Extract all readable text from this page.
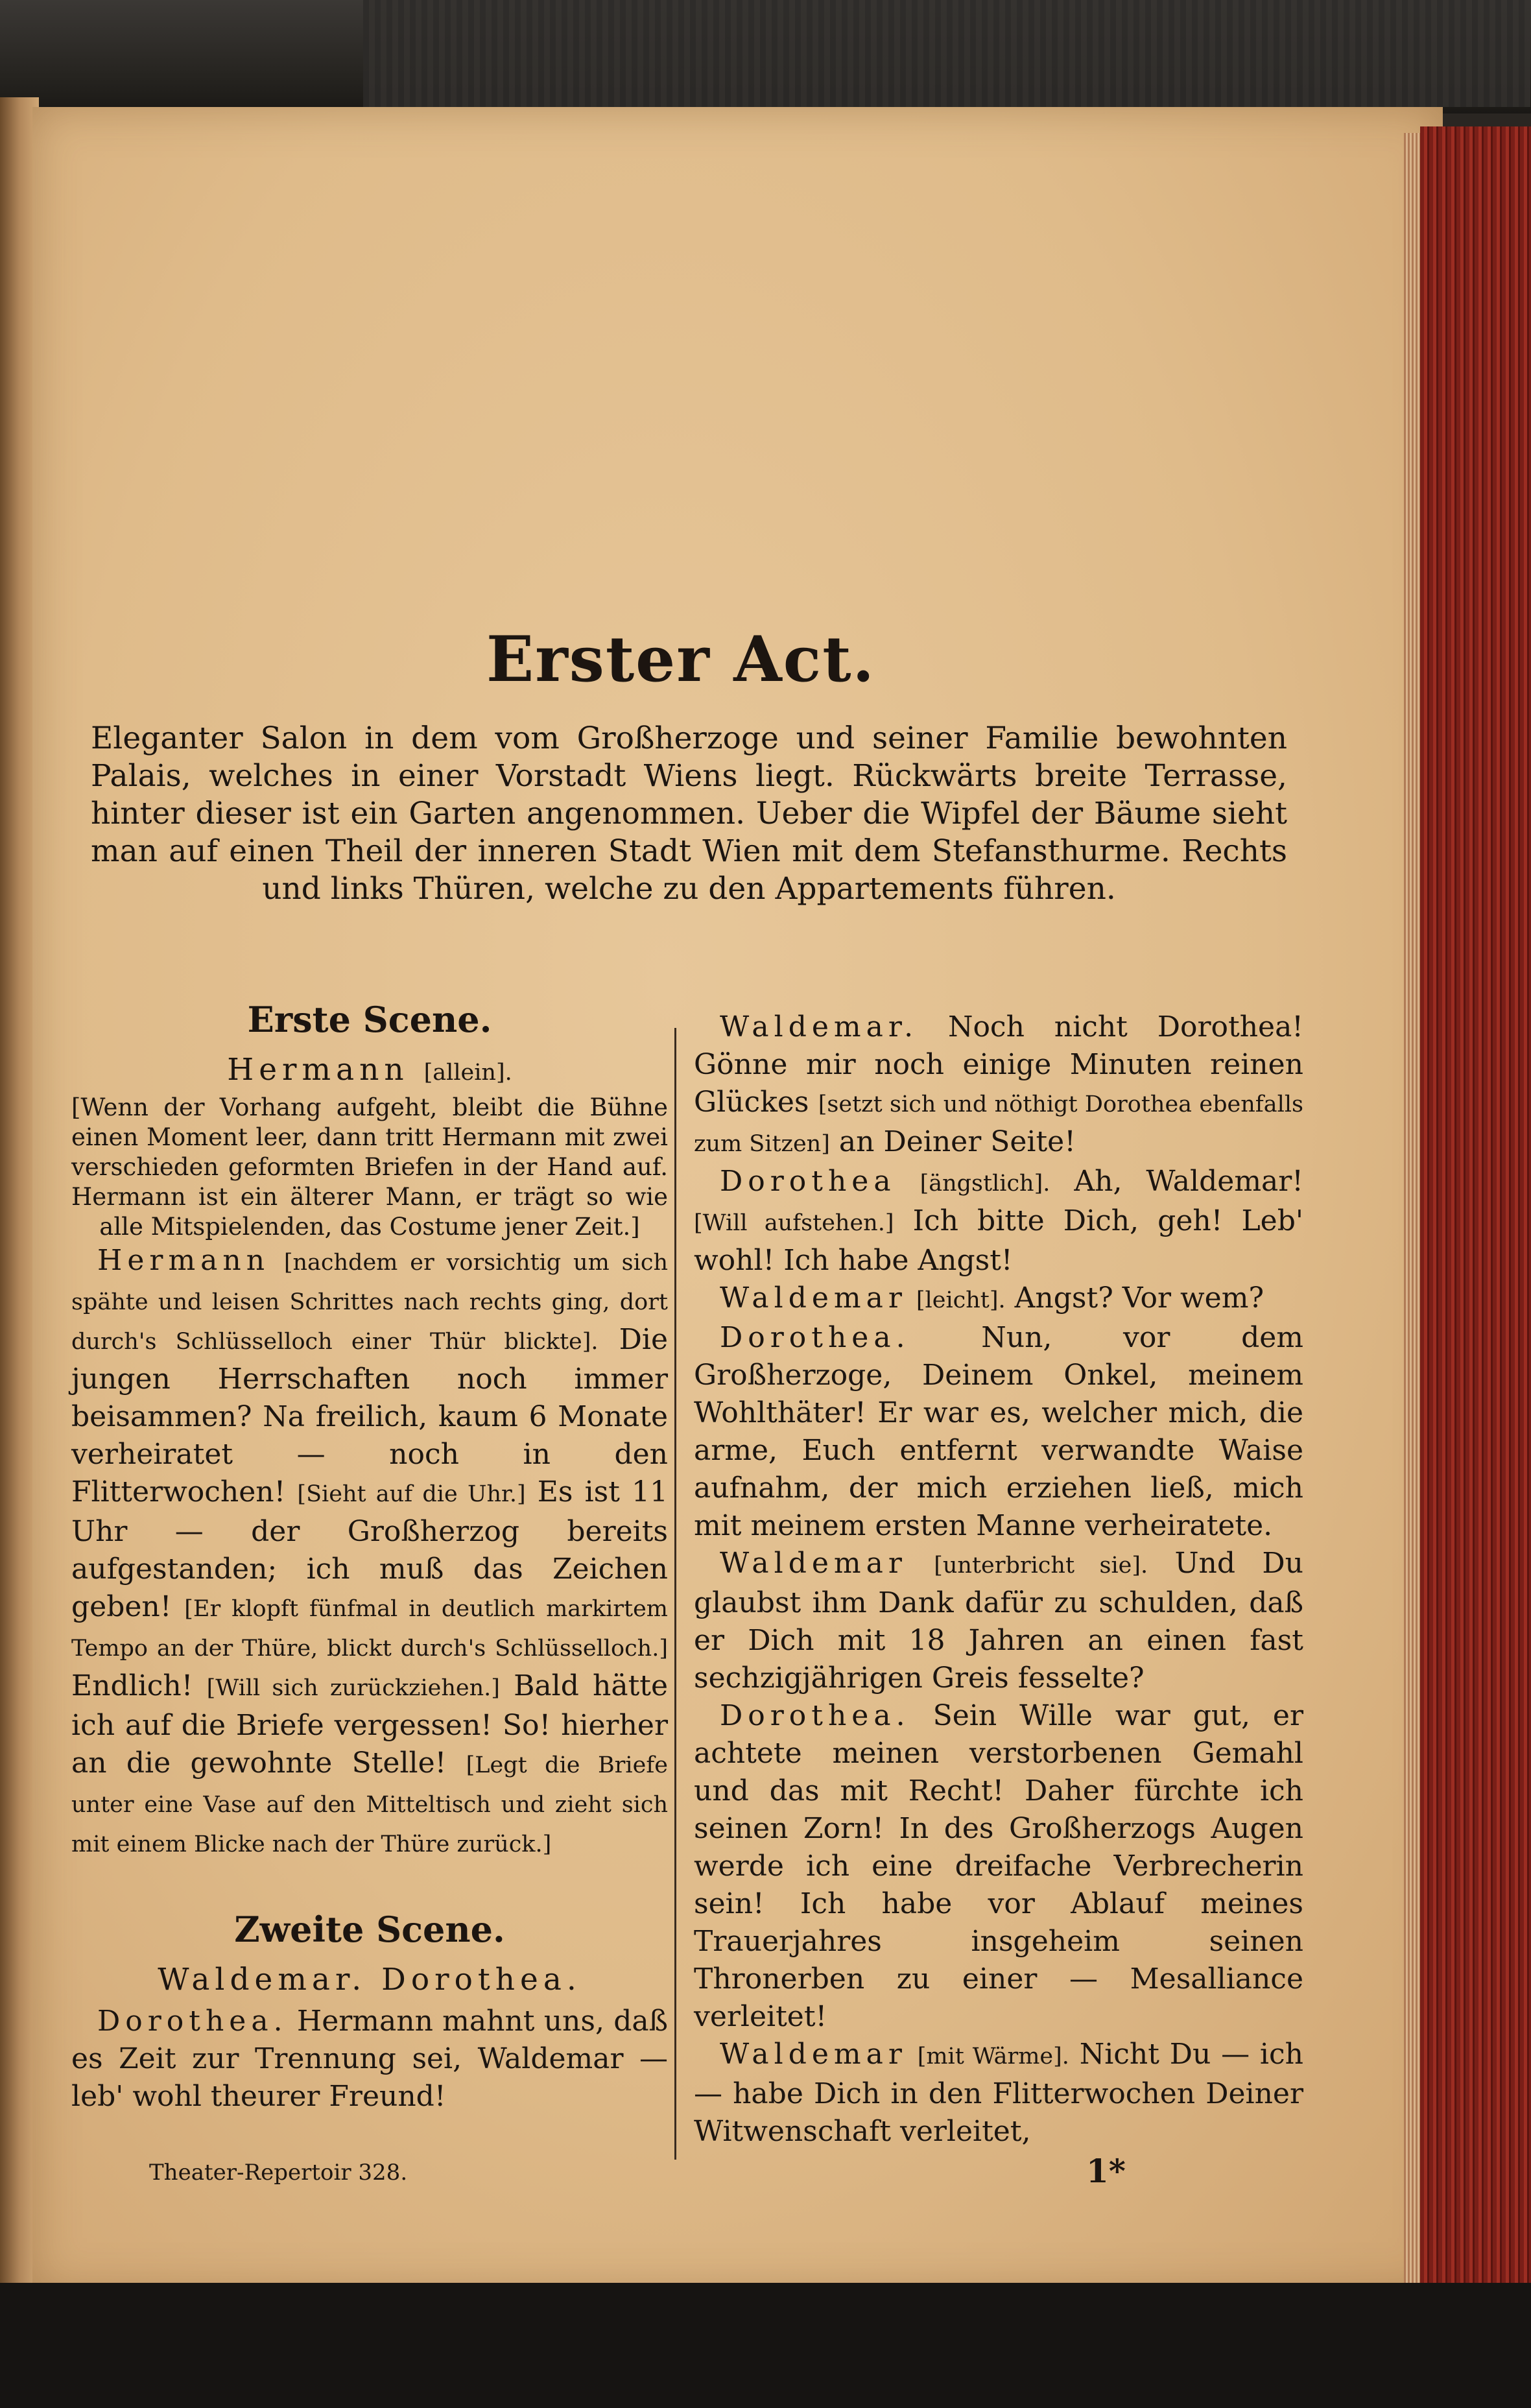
Erster Act.

Eleganter Salon in dem vom Großherzoge und seiner Familie bewohnten Palais, welches in einer Vorstadt Wiens liegt. Rückwärts breite Terrasse, hinter dieser ist ein Garten angenommen. Ueber die Wipfel der Bäume sieht man auf einen Theil der inneren Stadt Wien mit dem Stefansthurme. Rechts und links Thüren, welche zu den Appartements führen.

Erste Scene.
Hermann [allein].

[Wenn der Vorhang aufgeht, bleibt die Bühne einen Moment leer, dann tritt Hermann mit zwei verschieden geformten Briefen in der Hand auf. Hermann ist ein älterer Mann, er trägt so wie alle Mitspielenden, das Costume jener Zeit.]

Hermann [nachdem er vorsichtig um sich spähte und leisen Schrittes nach rechts ging, dort durch's Schlüsselloch einer Thür blickte]. Die jungen Herrschaften noch immer beisammen? Na freilich, kaum 6 Monate verheiratet — noch in den Flitterwochen! [Sieht auf die Uhr.] Es ist 11 Uhr — der Großherzog bereits aufgestanden; ich muß das Zeichen geben! [Er klopft fünfmal in deutlich markirtem Tempo an der Thüre, blickt durch's Schlüsselloch.] Endlich! [Will sich zurückziehen.] Bald hätte ich auf die Briefe vergessen! So! hierher an die gewohnte Stelle! [Legt die Briefe unter eine Vase auf den Mitteltisch und zieht sich mit einem Blicke nach der Thüre zurück.]

Zweite Scene.
Waldemar. Dorothea.

Dorothea. Hermann mahnt uns, daß es Zeit zur Trennung sei, Waldemar — leb' wohl theurer Freund!

Waldemar. Noch nicht Dorothea! Gönne mir noch einige Minuten reinen Glückes [setzt sich und nöthigt Dorothea ebenfalls zum Sitzen] an Deiner Seite!

Dorothea [ängstlich]. Ah, Waldemar! [Will aufstehen.] Ich bitte Dich, geh! Leb' wohl! Ich habe Angst!

Waldemar [leicht]. Angst? Vor wem?

Dorothea. Nun, vor dem Großherzoge, Deinem Onkel, meinem Wohlthäter! Er war es, welcher mich, die arme, Euch entfernt verwandte Waise aufnahm, der mich erziehen ließ, mich mit meinem ersten Manne verheiratete.

Waldemar [unterbricht sie]. Und Du glaubst ihm Dank dafür zu schulden, daß er Dich mit 18 Jahren an einen fast sechzigjährigen Greis fesselte?

Dorothea. Sein Wille war gut, er achtete meinen verstorbenen Gemahl und das mit Recht! Daher fürchte ich seinen Zorn! In des Großherzogs Augen werde ich eine dreifache Verbrecherin sein! Ich habe vor Ablauf meines Trauerjahres insgeheim seinen Thronerben zu einer — Mesalliance verleitet!

Waldemar [mit Wärme]. Nicht Du — ich — habe Dich in den Flitterwochen Deiner Witwenschaft verleitet,

Theater-Repertoir 328.	1*
